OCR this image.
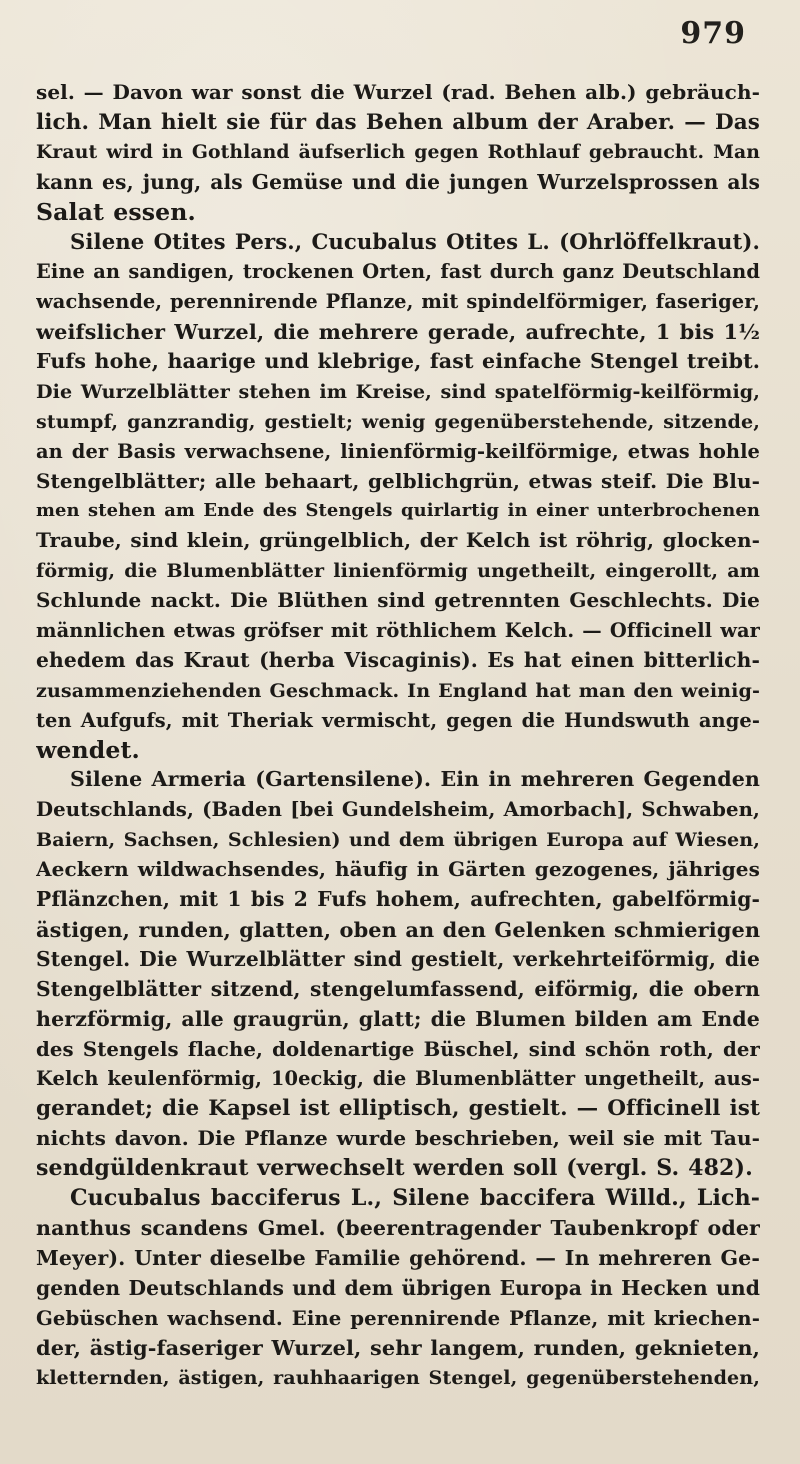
979
sel. — Davon war sonst die Wurzel (rad. Behen alb.) gebräuch-
lich. Man hielt sie für das Behen album der Araber. — Das
Kraut wird in Gothland äufserlich gegen Rothlauf gebraucht. Man
kann es, jung, als Gemüse und die jungen Wurzelsprossen als
Salat essen.
Silene Otites Pers., Cucubalus Otites L. (Ohrlöffelkraut).
Eine an sandigen, trockenen Orten, fast durch ganz Deutschland
wachsende, perennirende Pflanze, mit spindelförmiger, faseriger,
weifslicher Wurzel, die mehrere gerade, aufrechte, 1 bis 1½
Fufs hohe, haarige und klebrige, fast einfache Stengel treibt.
Die Wurzelblätter stehen im Kreise, sind spatelförmig-keilförmig,
stumpf, ganzrandig, gestielt; wenig gegenüberstehende, sitzende,
an der Basis verwachsene, linienförmig-keilförmige, etwas hohle
Stengelblätter; alle behaart, gelblichgrün, etwas steif. Die Blu-
men stehen am Ende des Stengels quirlartig in einer unterbrochenen
Traube, sind klein, grüngelblich, der Kelch ist röhrig, glocken-
förmig, die Blumenblätter linienförmig ungetheilt, eingerollt, am
Schlunde nackt. Die Blüthen sind getrennten Geschlechts. Die
männlichen etwas gröfser mit röthlichem Kelch. — Officinell war
ehedem das Kraut (herba Viscaginis). Es hat einen bitterlich-
zusammenziehenden Geschmack. In England hat man den weinig-
ten Aufgufs, mit Theriak vermischt, gegen die Hundswuth ange-
wendet.
Silene Armeria (Gartensilene). Ein in mehreren Gegenden
Deutschlands, (Baden [bei Gundelsheim, Amorbach], Schwaben,
Baiern, Sachsen, Schlesien) und dem übrigen Europa auf Wiesen,
Aeckern wildwachsendes, häufig in Gärten gezogenes, jähriges
Pflänzchen, mit 1 bis 2 Fufs hohem, aufrechten, gabelförmig-
ästigen, runden, glatten, oben an den Gelenken schmierigen
Stengel. Die Wurzelblätter sind gestielt, verkehrteiförmig, die
Stengelblätter sitzend, stengelumfassend, eiförmig, die obern
herzförmig, alle graugrün, glatt; die Blumen bilden am Ende
des Stengels flache, doldenartige Büschel, sind schön roth, der
Kelch keulenförmig, 10eckig, die Blumenblätter ungetheilt, aus-
gerandet; die Kapsel ist elliptisch, gestielt. — Officinell ist
nichts davon. Die Pflanze wurde beschrieben, weil sie mit Tau-
sendgüldenkraut verwechselt werden soll (vergl. S. 482).
Cucubalus bacciferus L., Silene baccifera Willd., Lich-
nanthus scandens Gmel. (beerentragender Taubenkropf oder
Meyer). Unter dieselbe Familie gehörend. — In mehreren Ge-
genden Deutschlands und dem übrigen Europa in Hecken und
Gebüschen wachsend. Eine perennirende Pflanze, mit kriechen-
der, ästig-faseriger Wurzel, sehr langem, runden, geknieten,
kletternden, ästigen, rauhhaarigen Stengel, gegenüberstehenden,
